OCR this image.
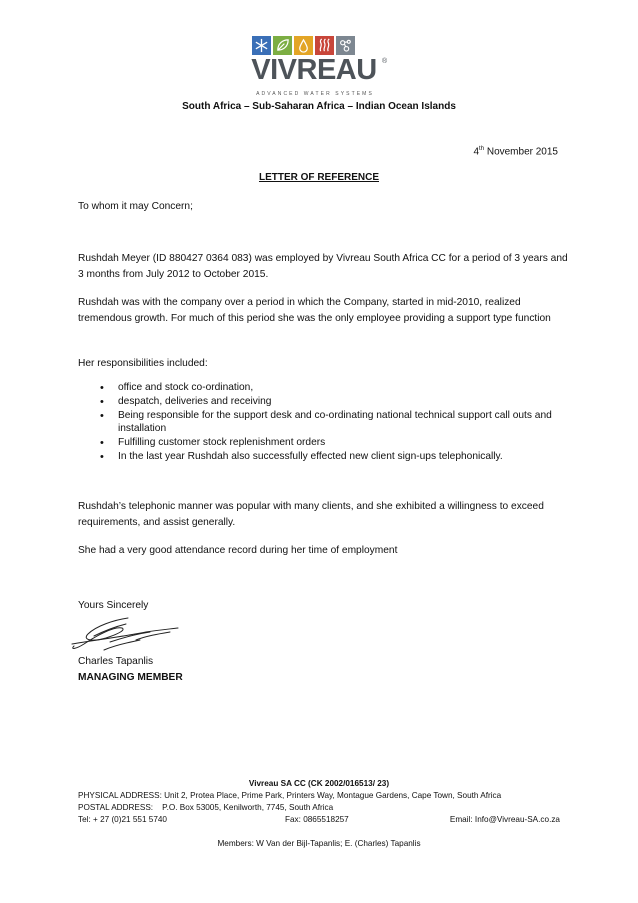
VIVREAU ®
ADVANCED WATER SYSTEMS
South Africa – Sub-Saharan Africa – Indian Ocean Islands
4th November 2015
LETTER OF REFERENCE
To whom it may Concern;
Rushdah Meyer (ID 880427 0364 083) was employed by Vivreau South Africa CC for a period of 3 years and 3 months from July 2012 to October 2015.
Rushdah was with the company over a period in which the Company, started in mid-2010, realized tremendous growth. For much of this period she was the only employee providing a support type function
Her responsibilities included:
• office and stock co-ordination,
• despatch, deliveries and receiving
• Being responsible for the support desk and co-ordinating national technical support call outs and installation
• Fulfilling customer stock replenishment orders
• In the last year Rushdah also successfully effected new client sign-ups telephonically.
Rushdah’s telephonic manner was popular with many clients, and she exhibited a willingness to exceed requirements, and assist generally.
She had a very good attendance record during her time of employment
Yours Sincerely
Charles Tapanlis
MANAGING MEMBER
Vivreau SA CC (CK 2002/016513/ 23)
PHYSICAL ADDRESS: Unit 2, Protea Place, Prime Park, Printers Way, Montague Gardens, Cape Town, South Africa
POSTAL ADDRESS:    P.O. Box 53005, Kenilworth, 7745, South Africa
Tel: + 27 (0)21 551 5740	Fax: 0865518257	Email: Info@Vivreau-SA.co.za
Members: W Van der Bijl-Tapanlis; E. (Charles) Tapanlis
